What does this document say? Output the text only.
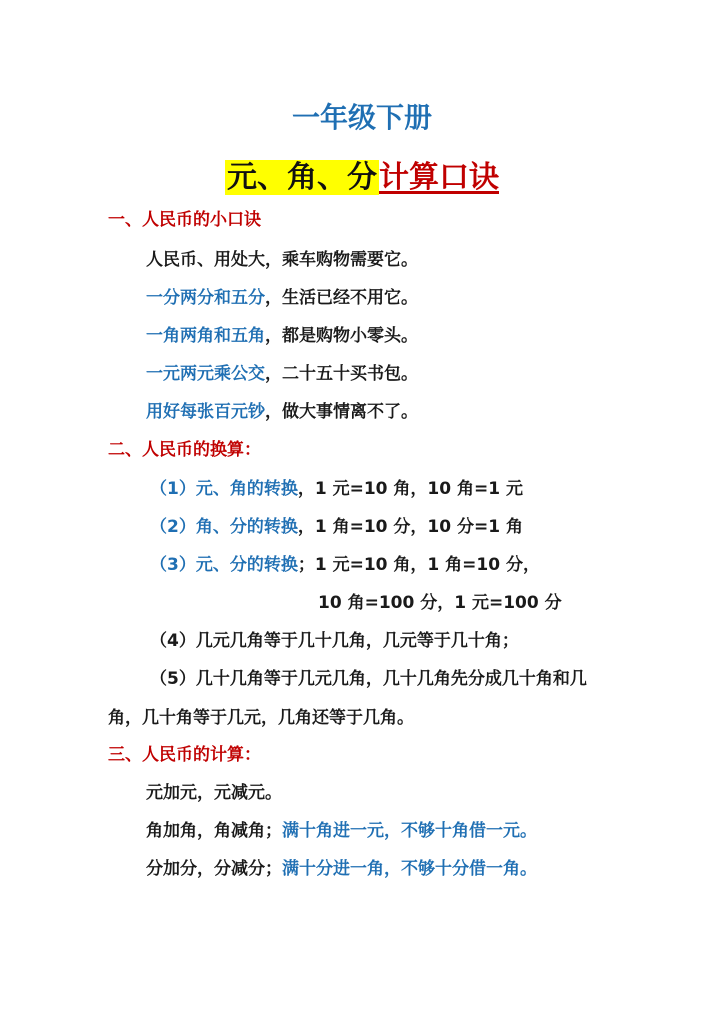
一年级下册
元、角、分计算口诀
一、人民币的小口诀
人民币、用处大，乘车购物需要它。
一分两分和五分，生活已经不用它。
一角两角和五角，都是购物小零头。
一元两元乘公交，二十五十买书包。
用好每张百元钞，做大事情离不了。
二、人民币的换算：
（1）元、角的转换，1 元=10 角，10 角=1 元
（2）角、分的转换，1 角=10 分，10 分=1 角
（3）元、分的转换；1 元=10 角，1 角=10 分，
10 角=100 分，1 元=100 分
（4）几元几角等于几十几角，几元等于几十角；
（5）几十几角等于几元几角，几十几角先分成几十角和几
角，几十角等于几元，几角还等于几角。
三、人民币的计算：
元加元，元减元。
角加角，角减角；满十角进一元，不够十角借一元。
分加分，分减分；满十分进一角，不够十分借一角。
